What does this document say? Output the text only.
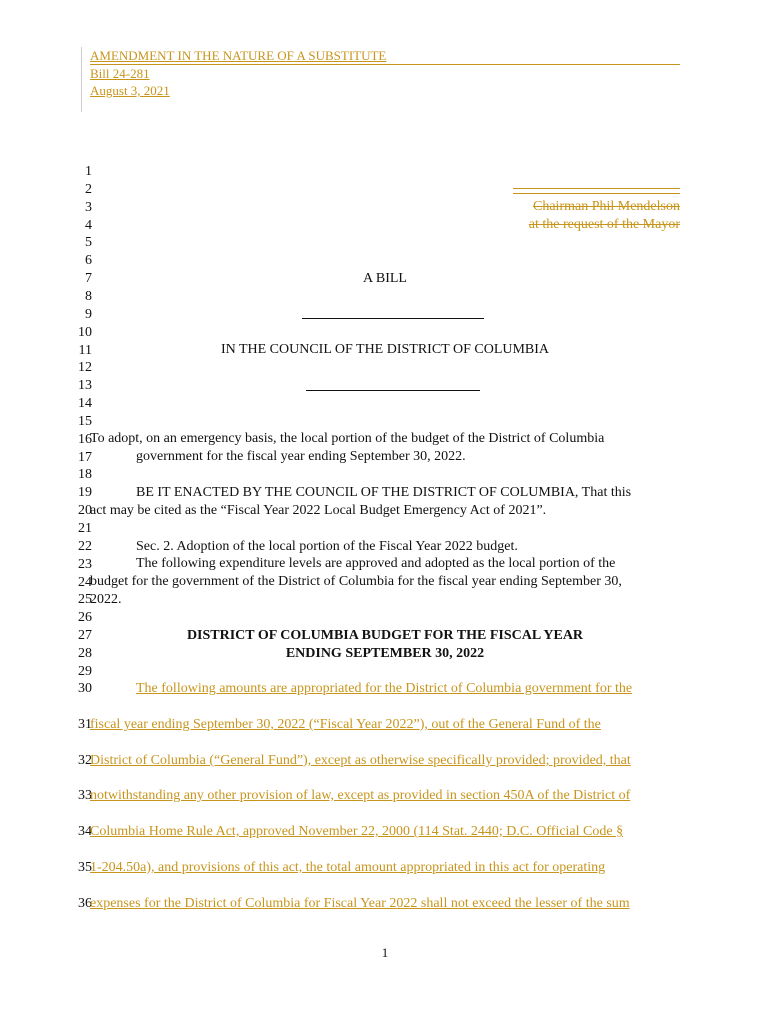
AMENDMENT IN THE NATURE OF A SUBSTITUTE
Bill 24-281
August 3, 2021
1
2
3
4
5
6
7
8
9
10
11
12
13
14
15
16
17
18
19
20
21
22
23
24
25
26
27
28
29
30
31
32
33
34
35
36
Chairman Phil Mendelson
at the request of the Mayor
A BILL
IN THE COUNCIL OF THE DISTRICT OF COLUMBIA
To adopt, on an emergency basis, the local portion of the budget of the District of Columbia
government for the fiscal year ending September 30, 2022.
BE IT ENACTED BY THE COUNCIL OF THE DISTRICT OF COLUMBIA, That this
act may be cited as the “Fiscal Year 2022 Local Budget Emergency Act of 2021”.
Sec. 2. Adoption of the local portion of the Fiscal Year 2022 budget.
The following expenditure levels are approved and adopted as the local portion of the
budget for the government of the District of Columbia for the fiscal year ending September 30,
2022.
DISTRICT OF COLUMBIA BUDGET FOR THE FISCAL YEAR
ENDING SEPTEMBER 30, 2022
The following amounts are appropriated for the District of Columbia government for the
fiscal year ending September 30, 2022 (“Fiscal Year 2022”), out of the General Fund of the
District of Columbia (“General Fund”), except as otherwise specifically provided; provided, that
notwithstanding any other provision of law, except as provided in section 450A of the District of
Columbia Home Rule Act, approved November 22, 2000 (114 Stat. 2440; D.C. Official Code §
1-204.50a), and provisions of this act, the total amount appropriated in this act for operating
expenses for the District of Columbia for Fiscal Year 2022 shall not exceed the lesser of the sum
1
